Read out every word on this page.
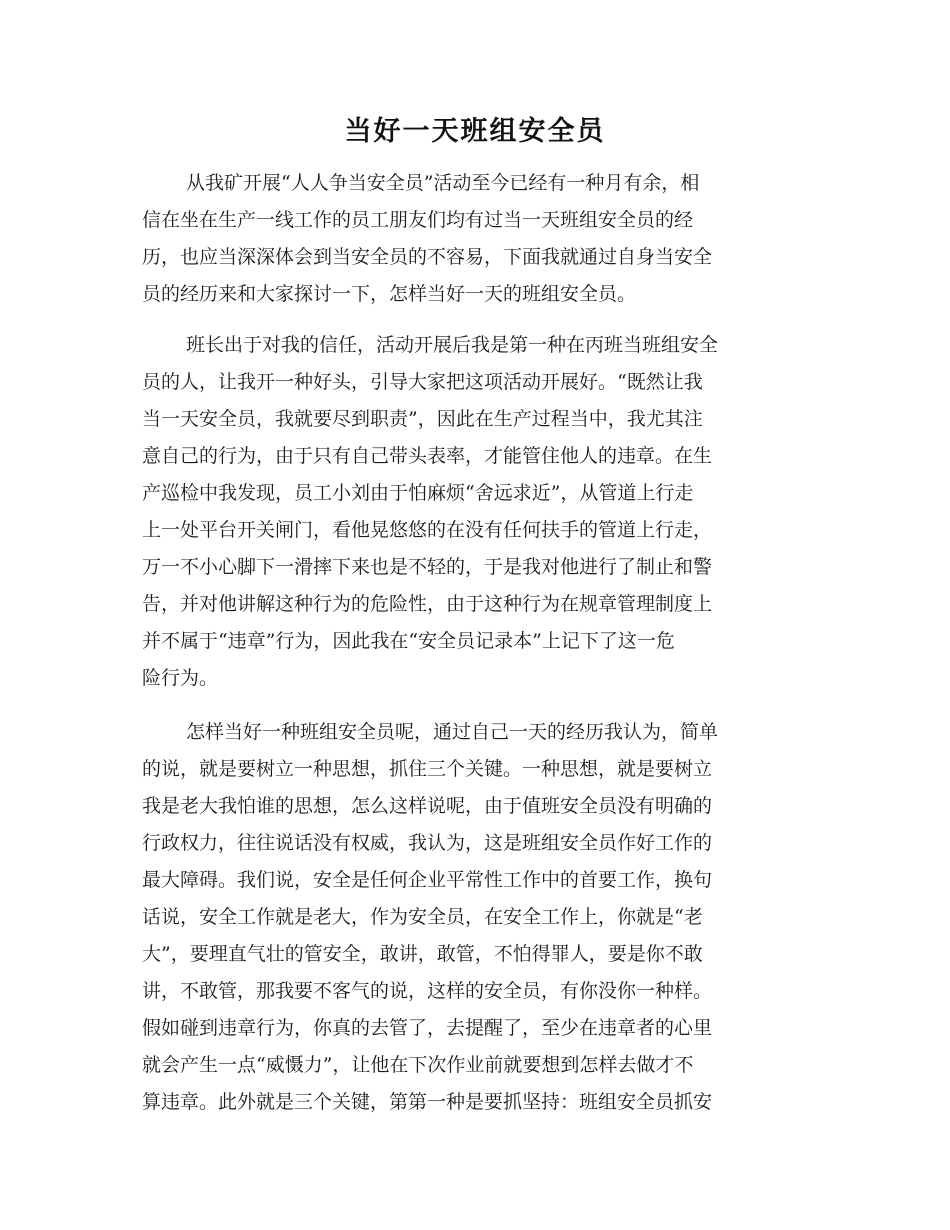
当好一天班组安全员
从我矿开展“人人争当安全员”活动至今已经有一种月有余，相
信在坐在生产一线工作的员工朋友们均有过当一天班组安全员的经
历，也应当深深体会到当安全员的不容易，下面我就通过自身当安全
员的经历来和大家探讨一下，怎样当好一天的班组安全员。
班长出于对我的信任，活动开展后我是第一种在丙班当班组安全
员的人，让我开一种好头，引导大家把这项活动开展好。“既然让我
当一天安全员，我就要尽到职责”，因此在生产过程当中，我尤其注
意自己的行为，由于只有自己带头表率，才能管住他人的违章。在生
产巡检中我发现，员工小刘由于怕麻烦“舍远求近”，从管道上行走
上一处平台开关闸门，看他晃悠悠的在没有任何扶手的管道上行走，
万一不小心脚下一滑摔下来也是不轻的，于是我对他进行了制止和警
告，并对他讲解这种行为的危险性，由于这种行为在规章管理制度上
并不属于“违章”行为，因此我在“安全员记录本”上记下了这一危
险行为。
怎样当好一种班组安全员呢，通过自己一天的经历我认为，简单
的说，就是要树立一种思想，抓住三个关键。一种思想，就是要树立
我是老大我怕谁的思想，怎么这样说呢，由于值班安全员没有明确的
行政权力，往往说话没有权威，我认为，这是班组安全员作好工作的
最大障碍。我们说，安全是任何企业平常性工作中的首要工作，换句
话说，安全工作就是老大，作为安全员，在安全工作上，你就是“老
大”，要理直气壮的管安全，敢讲，敢管，不怕得罪人，要是你不敢
讲，不敢管，那我要不客气的说，这样的安全员，有你没你一种样。
假如碰到违章行为，你真的去管了，去提醒了，至少在违章者的心里
就会产生一点“威慑力”，让他在下次作业前就要想到怎样去做才不
算违章。此外就是三个关键，第第一种是要抓坚持：班组安全员抓安
